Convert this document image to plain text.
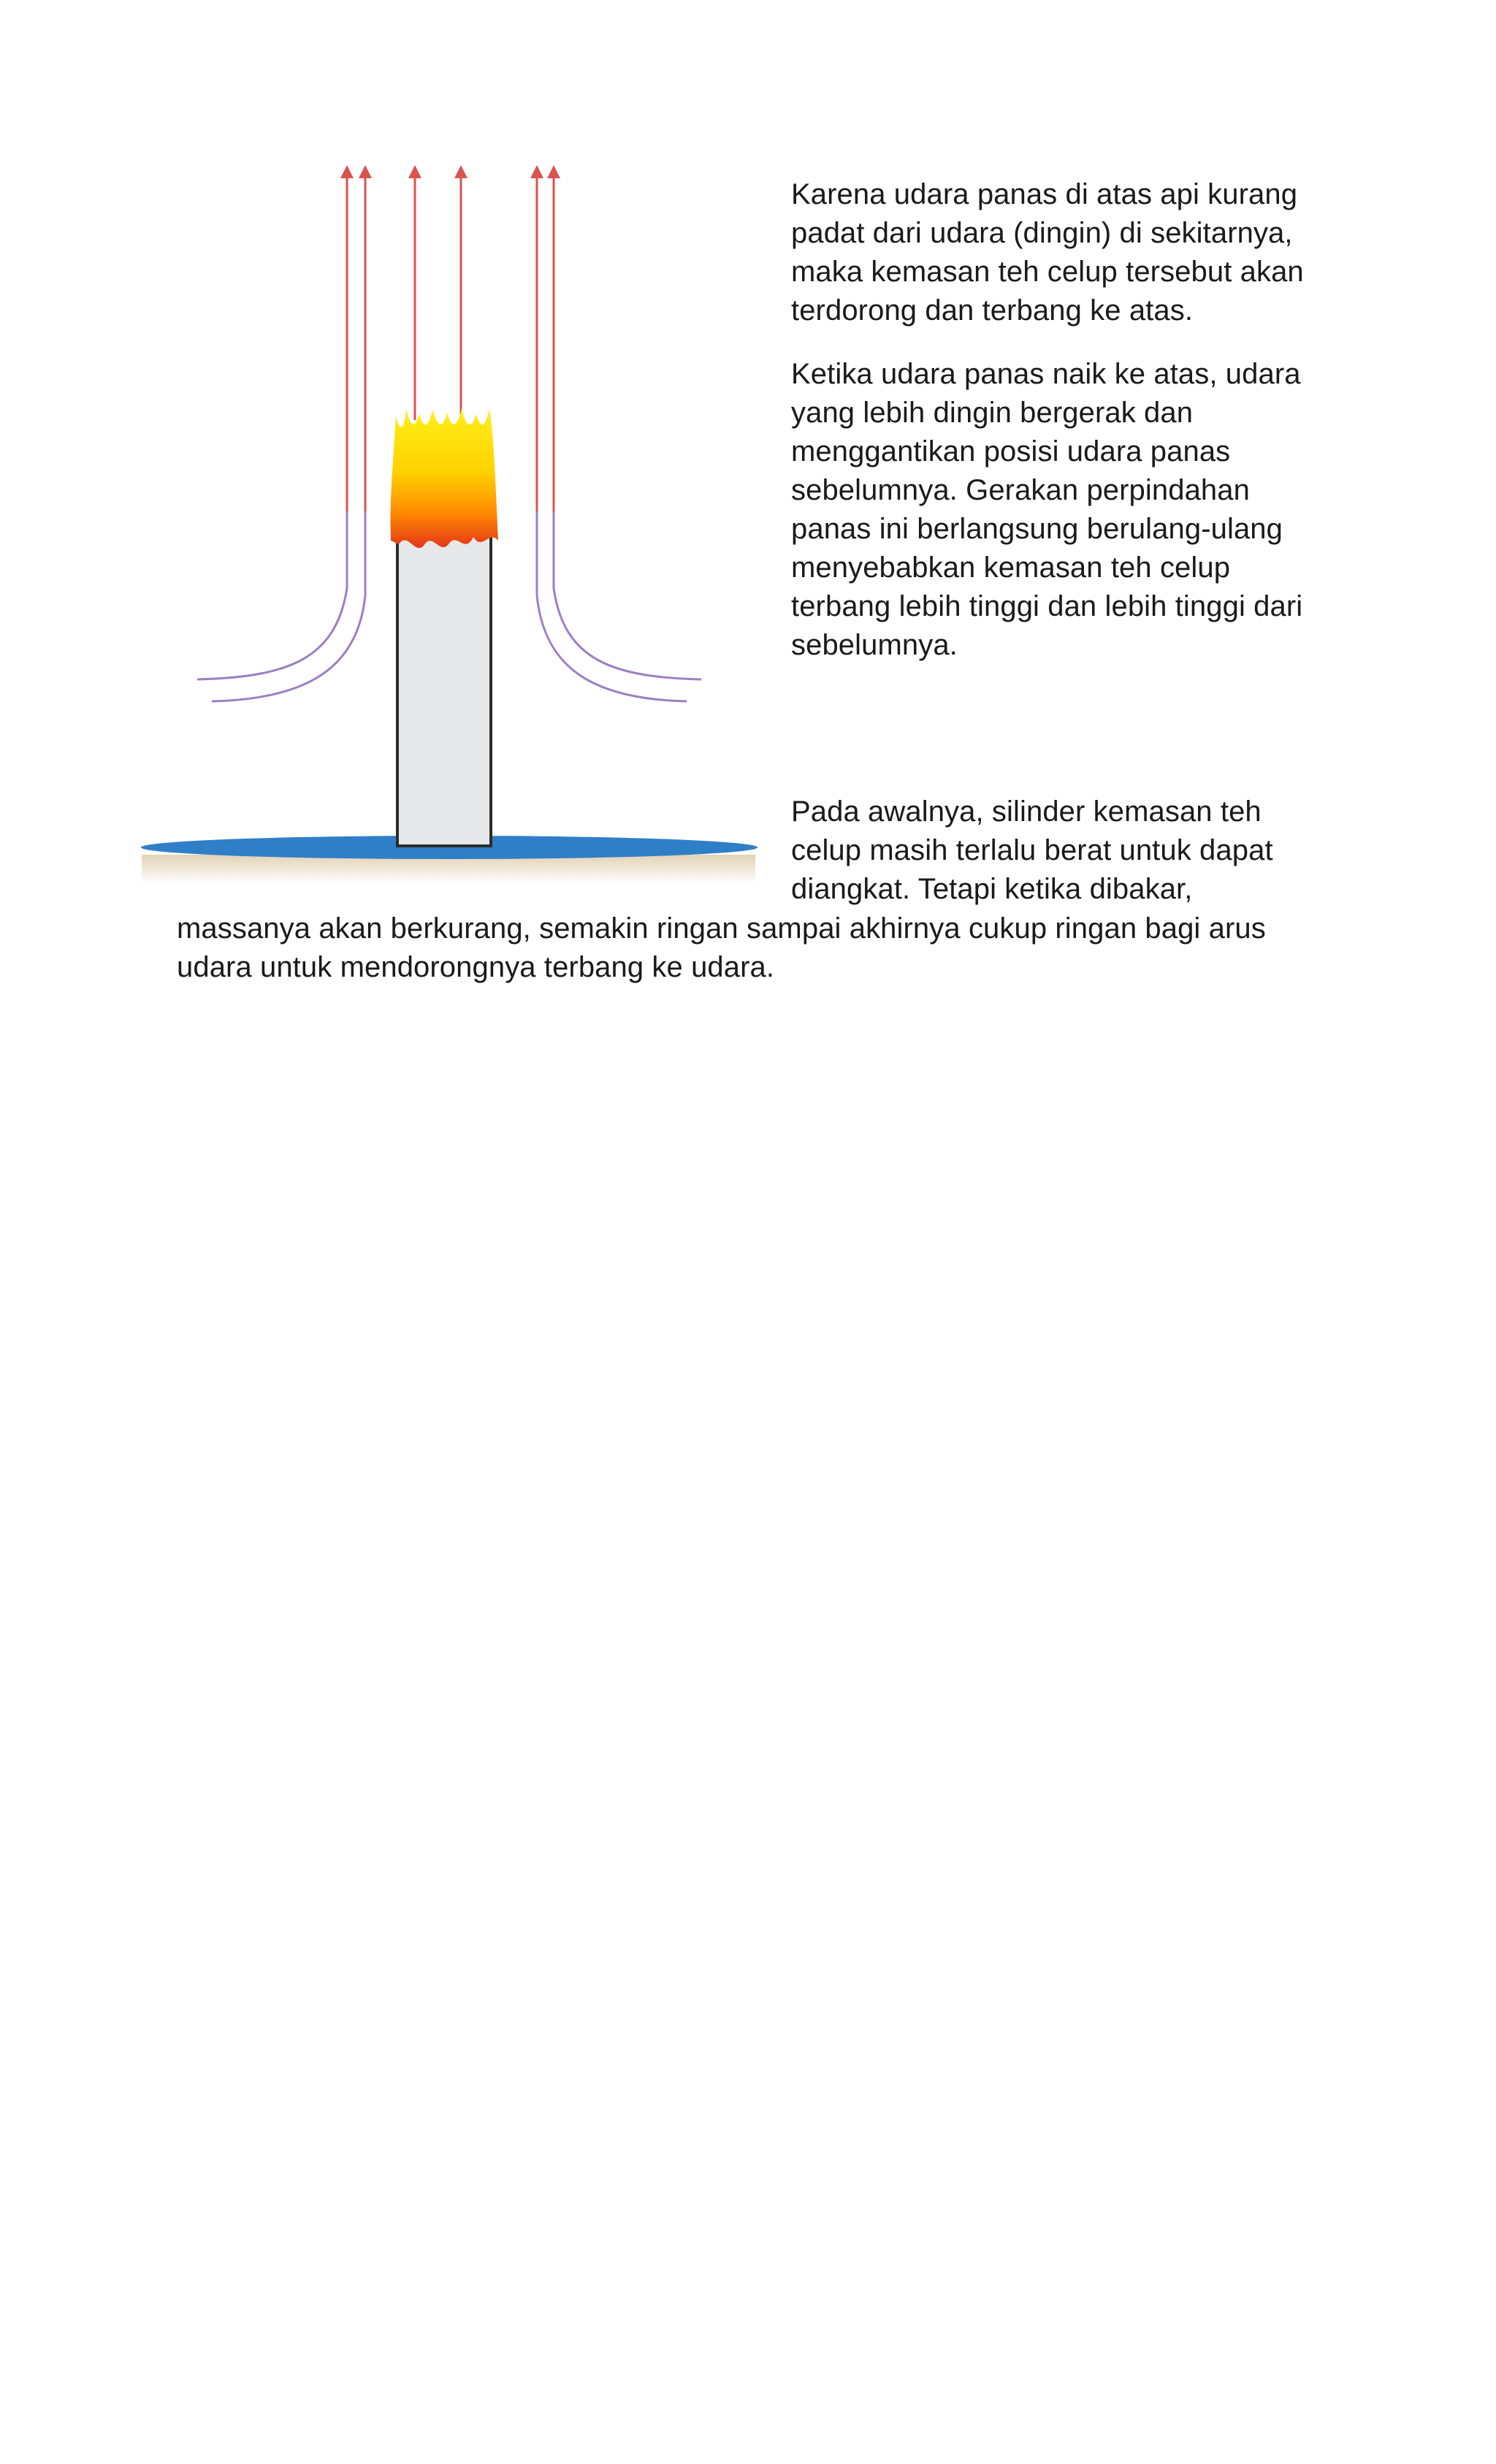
Karena udara panas di atas api kurang padat dari udara (dingin) di sekitarnya, maka kemasan teh celup tersebut akan terdorong dan terbang ke atas.

Ketika udara panas naik ke atas, udara yang lebih dingin bergerak dan menggantikan posisi udara panas sebelumnya. Gerakan perpindahan panas ini berlangsung berulang-ulang menyebabkan kemasan teh celup terbang lebih tinggi dan lebih tinggi dari sebelumnya.

Pada awalnya, silinder kemasan teh celup masih terlalu berat untuk dapat diangkat. Tetapi ketika dibakar,

massanya akan berkurang, semakin ringan sampai akhirnya cukup ringan bagi arus udara untuk mendorongnya terbang ke udara.
